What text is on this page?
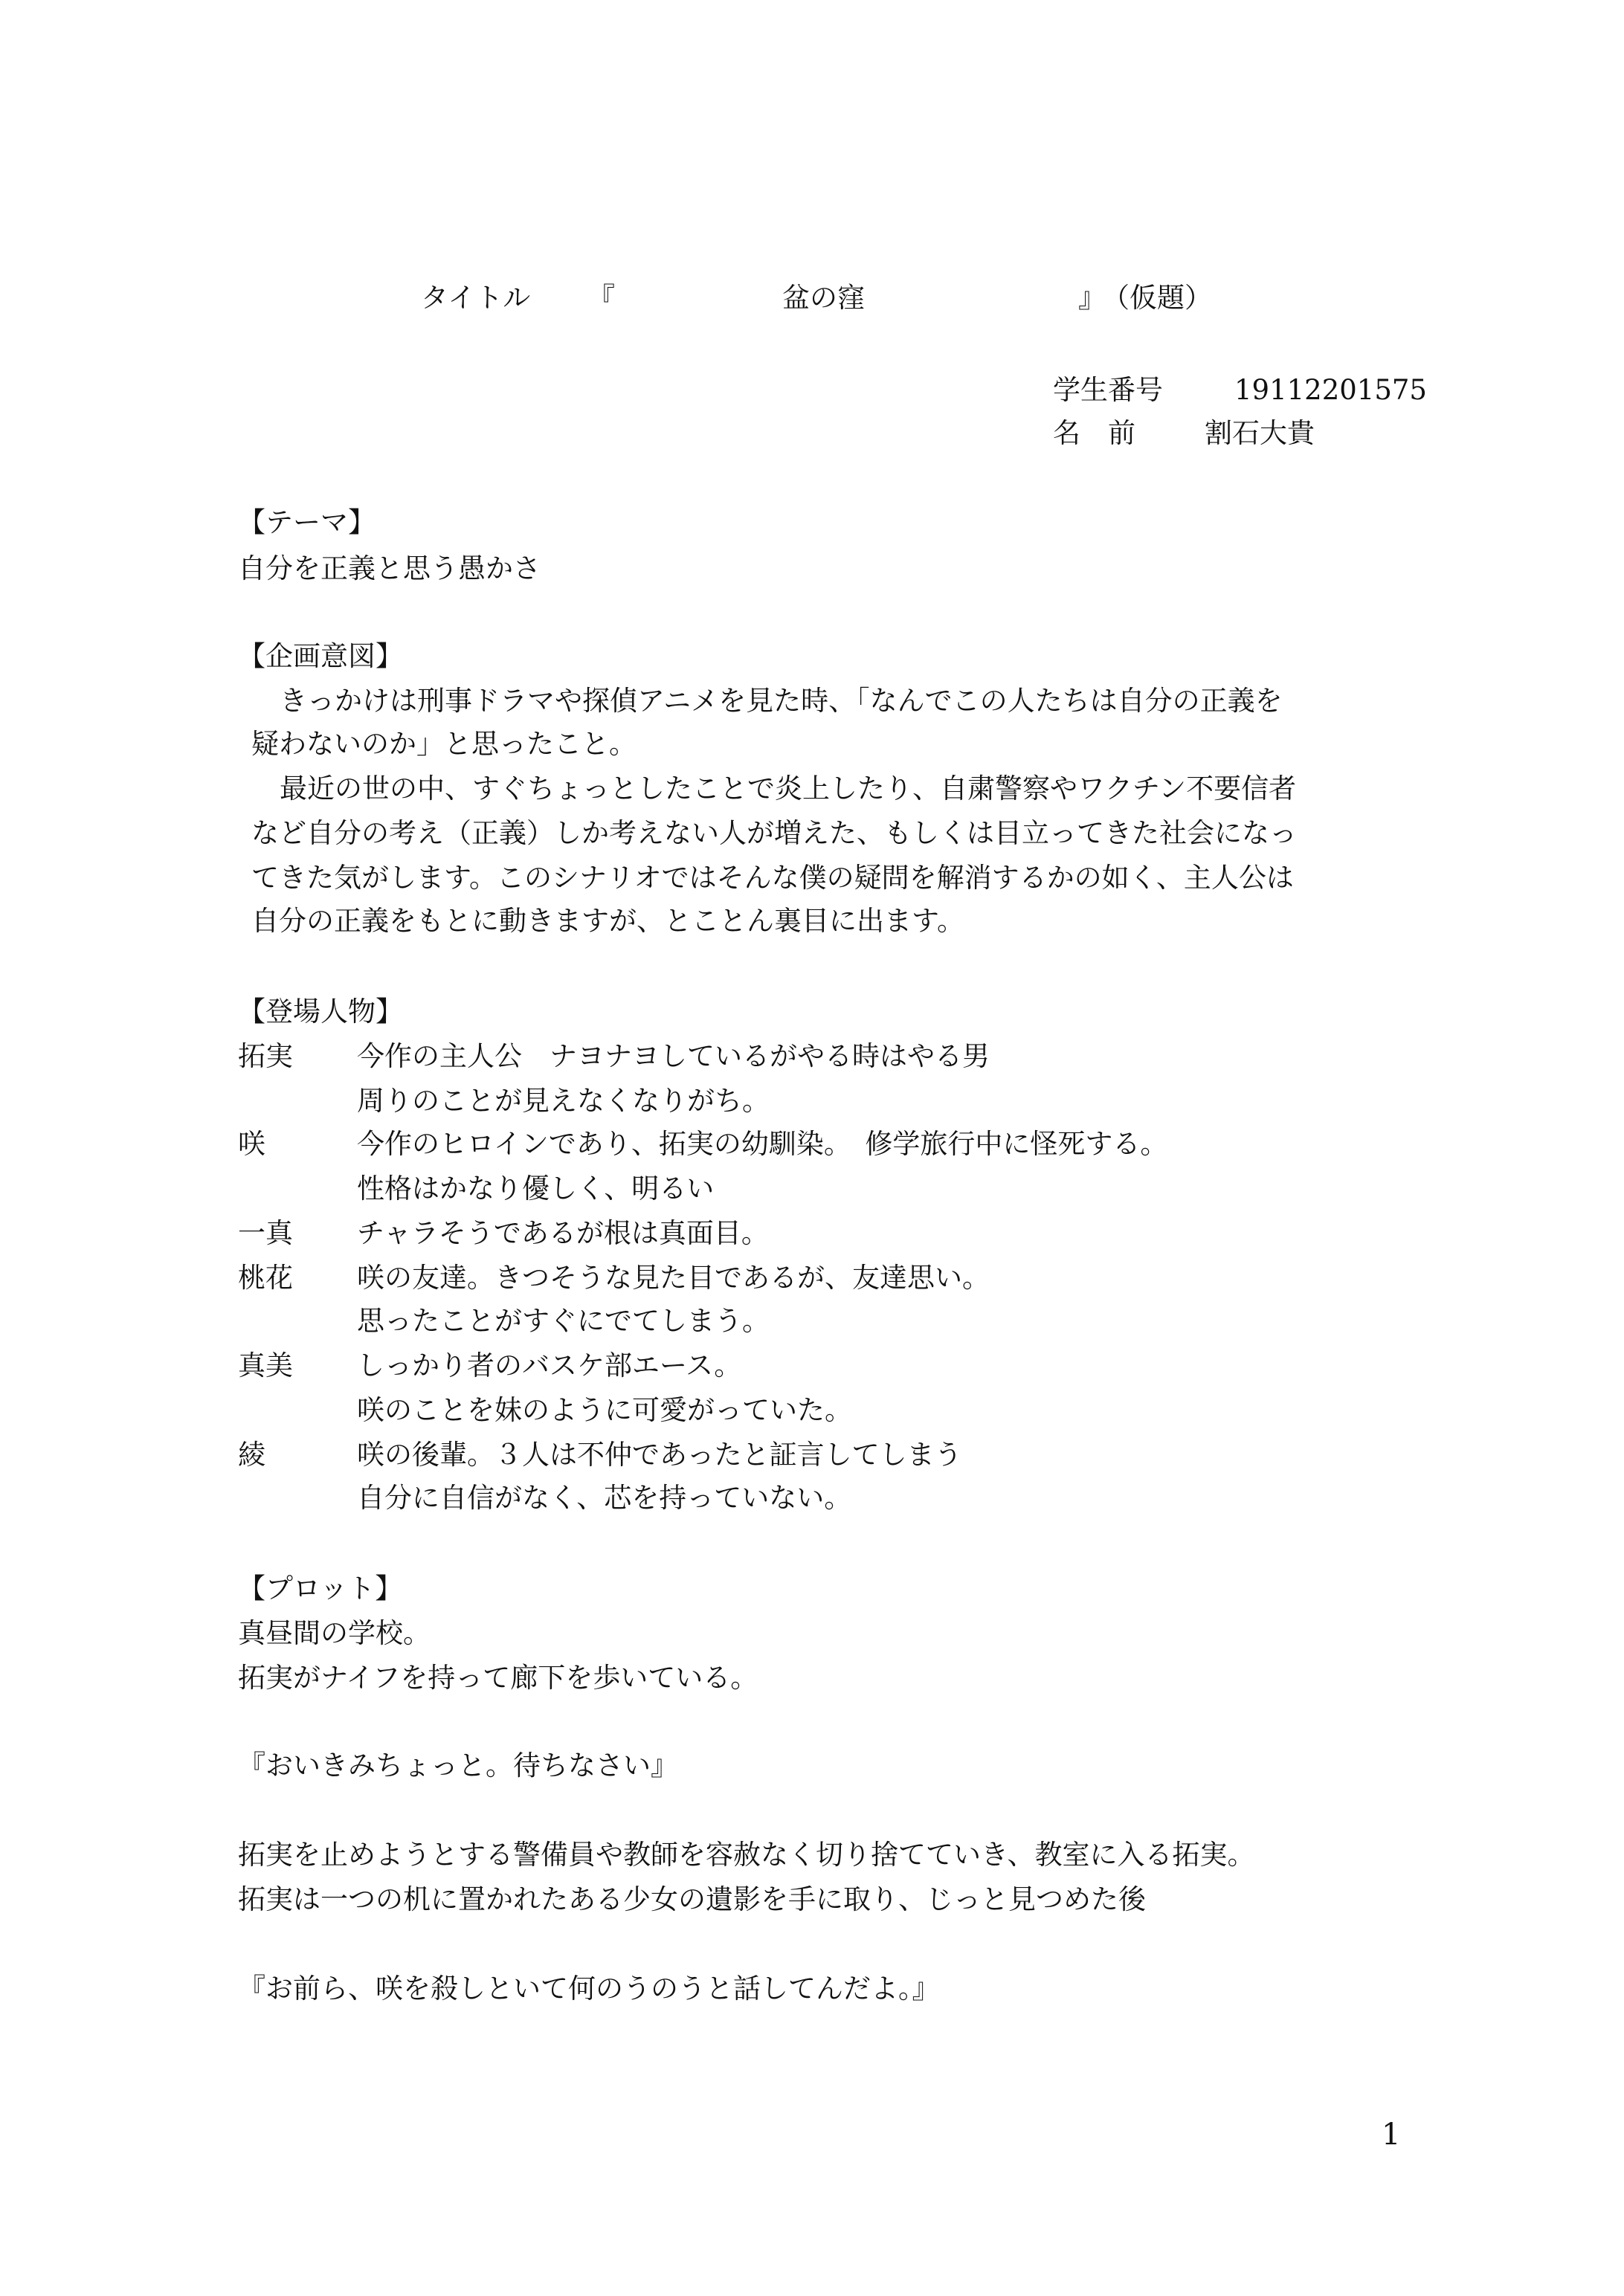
タイトル 『	盆の窪	』
（仮題）
学生番号	19112201575
名　前	割石大貴
【テーマ】
自分を正義と思う愚かさ
【企画意図】
きっかけは刑事ドラマや探偵アニメを見た時、「なんでこの人たちは自分の正義を
疑わないのか」と思ったこと。
最近の世の中、すぐちょっとしたことで炎上したり、自粛警察やワクチン不要信者
など自分の考え（正義）しか考えない人が増えた、もしくは目立ってきた社会になっ
てきた気がします。このシナリオではそんな僕の疑問を解消するかの如く、主人公は
自分の正義をもとに動きますが、とことん裏目に出ます。
【登場人物】
拓実 今作の主人公　ナヨナヨしているがやる時はやる男
周りのことが見えなくなりがち。
咲	今作のヒロインであり、拓実の幼馴染。　修学旅行中に怪死する。
性格はかなり優しく、明るい
一真 チャラそうであるが根は真面目。
桃花 咲の友達。きつそうな見た目であるが、友達思い。
思ったことがすぐにでてしまう。
真美 しっかり者のバスケ部エース。
咲のことを妹のように可愛がっていた。
綾	咲の後輩。３人は不仲であったと証言してしまう
自分に自信がなく、芯を持っていない。
【プロット】
真昼間の学校。
拓実がナイフを持って廊下を歩いている。
『おいきみちょっと。待ちなさい』
拓実を止めようとする警備員や教師を容赦なく切り捨てていき、教室に入る拓実。
拓実は一つの机に置かれたある少女の遺影を手に取り、じっと見つめた後
『お前ら、咲を殺しといて何のうのうと話してんだよ。』
1
